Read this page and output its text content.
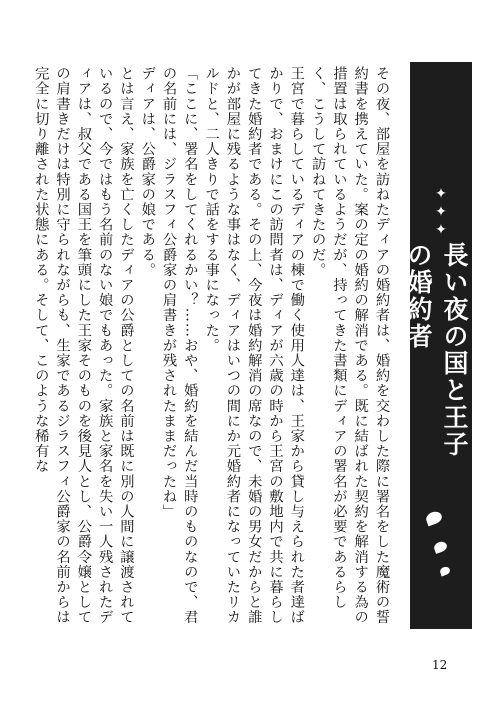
✦✦✦
長い夜の国と王子の婚約者

その夜、部屋を訪ねたディアの婚約者は、婚約を交わした際に署名をした魔術の誓約書を携えていた。案の定の婚約の解消である。既に結ばれた契約を解消する為の措置は取られているようだが、持ってきた書類にディアの署名が必要であるらしく、こうして訪ねてきたのだ。

王宮で暮らしているディアの棟で働く使用人達は、王家から貸し与えられた者達ばかりで、おまけにこの訪問者は、ディアが六歳の時から王宮の敷地内で共に暮らしてきた婚約者である。その上、今夜は婚約解消の席なので、未婚の男女だからと誰かが部屋に残るような事はなく、ディアはいつの間にか元婚約者になっていたリカルドと、二人きりで話をする事になった。

「ここに、署名をしてくれるかい？……おや、婚約を結んだ当時のものなので、君の名前には、ジラスフィ公爵家の肩書きが残されたままだったね」

ディアは、公爵家の娘である。

とは言え、家族を亡くしたディアの公爵としての名前は既に別の人間に譲渡されているので、今ではもう名前のない娘でもあった。家族と家名を失い一人残されたディアは、叔父である国王を筆頭にした王家そのものを後見人とし、公爵令嬢としての肩書きだけは特別に守られながらも、生家であるジラスフィ公爵家の名前からは完全に切り離された状態にある。そして、このような稀有な

12
